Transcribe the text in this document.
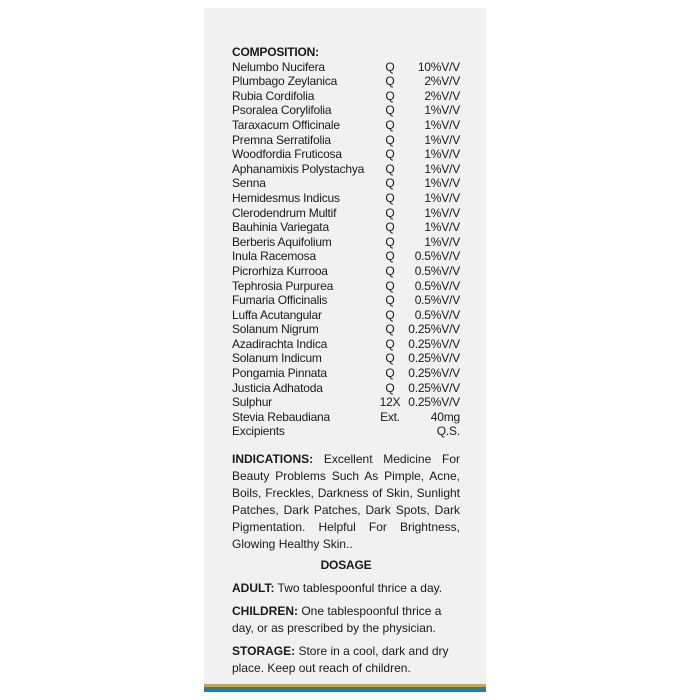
COMPOSITION:
Nelumbo Nucifera	Q	10%V/V
Plumbago Zeylanica	Q	2%V/V
Rubia Cordifolia	Q	2%V/V
Psoralea Corylifolia	Q	1%V/V
Taraxacum Officinale	Q	1%V/V
Premna Serratifolia	Q	1%V/V
Woodfordia Fruticosa	Q	1%V/V
Aphanamixis Polystachya	Q	1%V/V
Senna	Q	1%V/V
Hemidesmus Indicus	Q	1%V/V
Clerodendrum Multif	Q	1%V/V
Bauhinia Variegata	Q	1%V/V
Berberis Aquifolium	Q	1%V/V
Inula Racemosa	Q	0.5%V/V
Picrorhiza Kurrooa	Q	0.5%V/V
Tephrosia Purpurea	Q	0.5%V/V
Fumaria Officinalis	Q	0.5%V/V
Luffa Acutangular	Q	0.5%V/V
Solanum Nigrum	Q	0.25%V/V
Azadirachta Indica	Q	0.25%V/V
Solanum Indicum	Q	0.25%V/V
Pongamia Pinnata	Q	0.25%V/V
Justicia Adhatoda	Q	0.25%V/V
Sulphur	12X 0.25%V/V
Stevia Rebaudiana	Ext.	40mg
Excipients	Q.S.

INDICATIONS: Excellent Medicine For Beauty Problems Such As Pimple, Acne, Boils, Freckles, Darkness of Skin, Sunlight Patches, Dark Patches, Dark Spots, Dark Pigmentation. Helpful For Brightness, Glowing Healthy Skin..

DOSAGE

ADULT: Two tablespoonful thrice a day.

CHILDREN: One tablespoonful thrice a day, or as prescribed by the physician.

STORAGE: Store in a cool, dark and dry place. Keep out reach of children.
